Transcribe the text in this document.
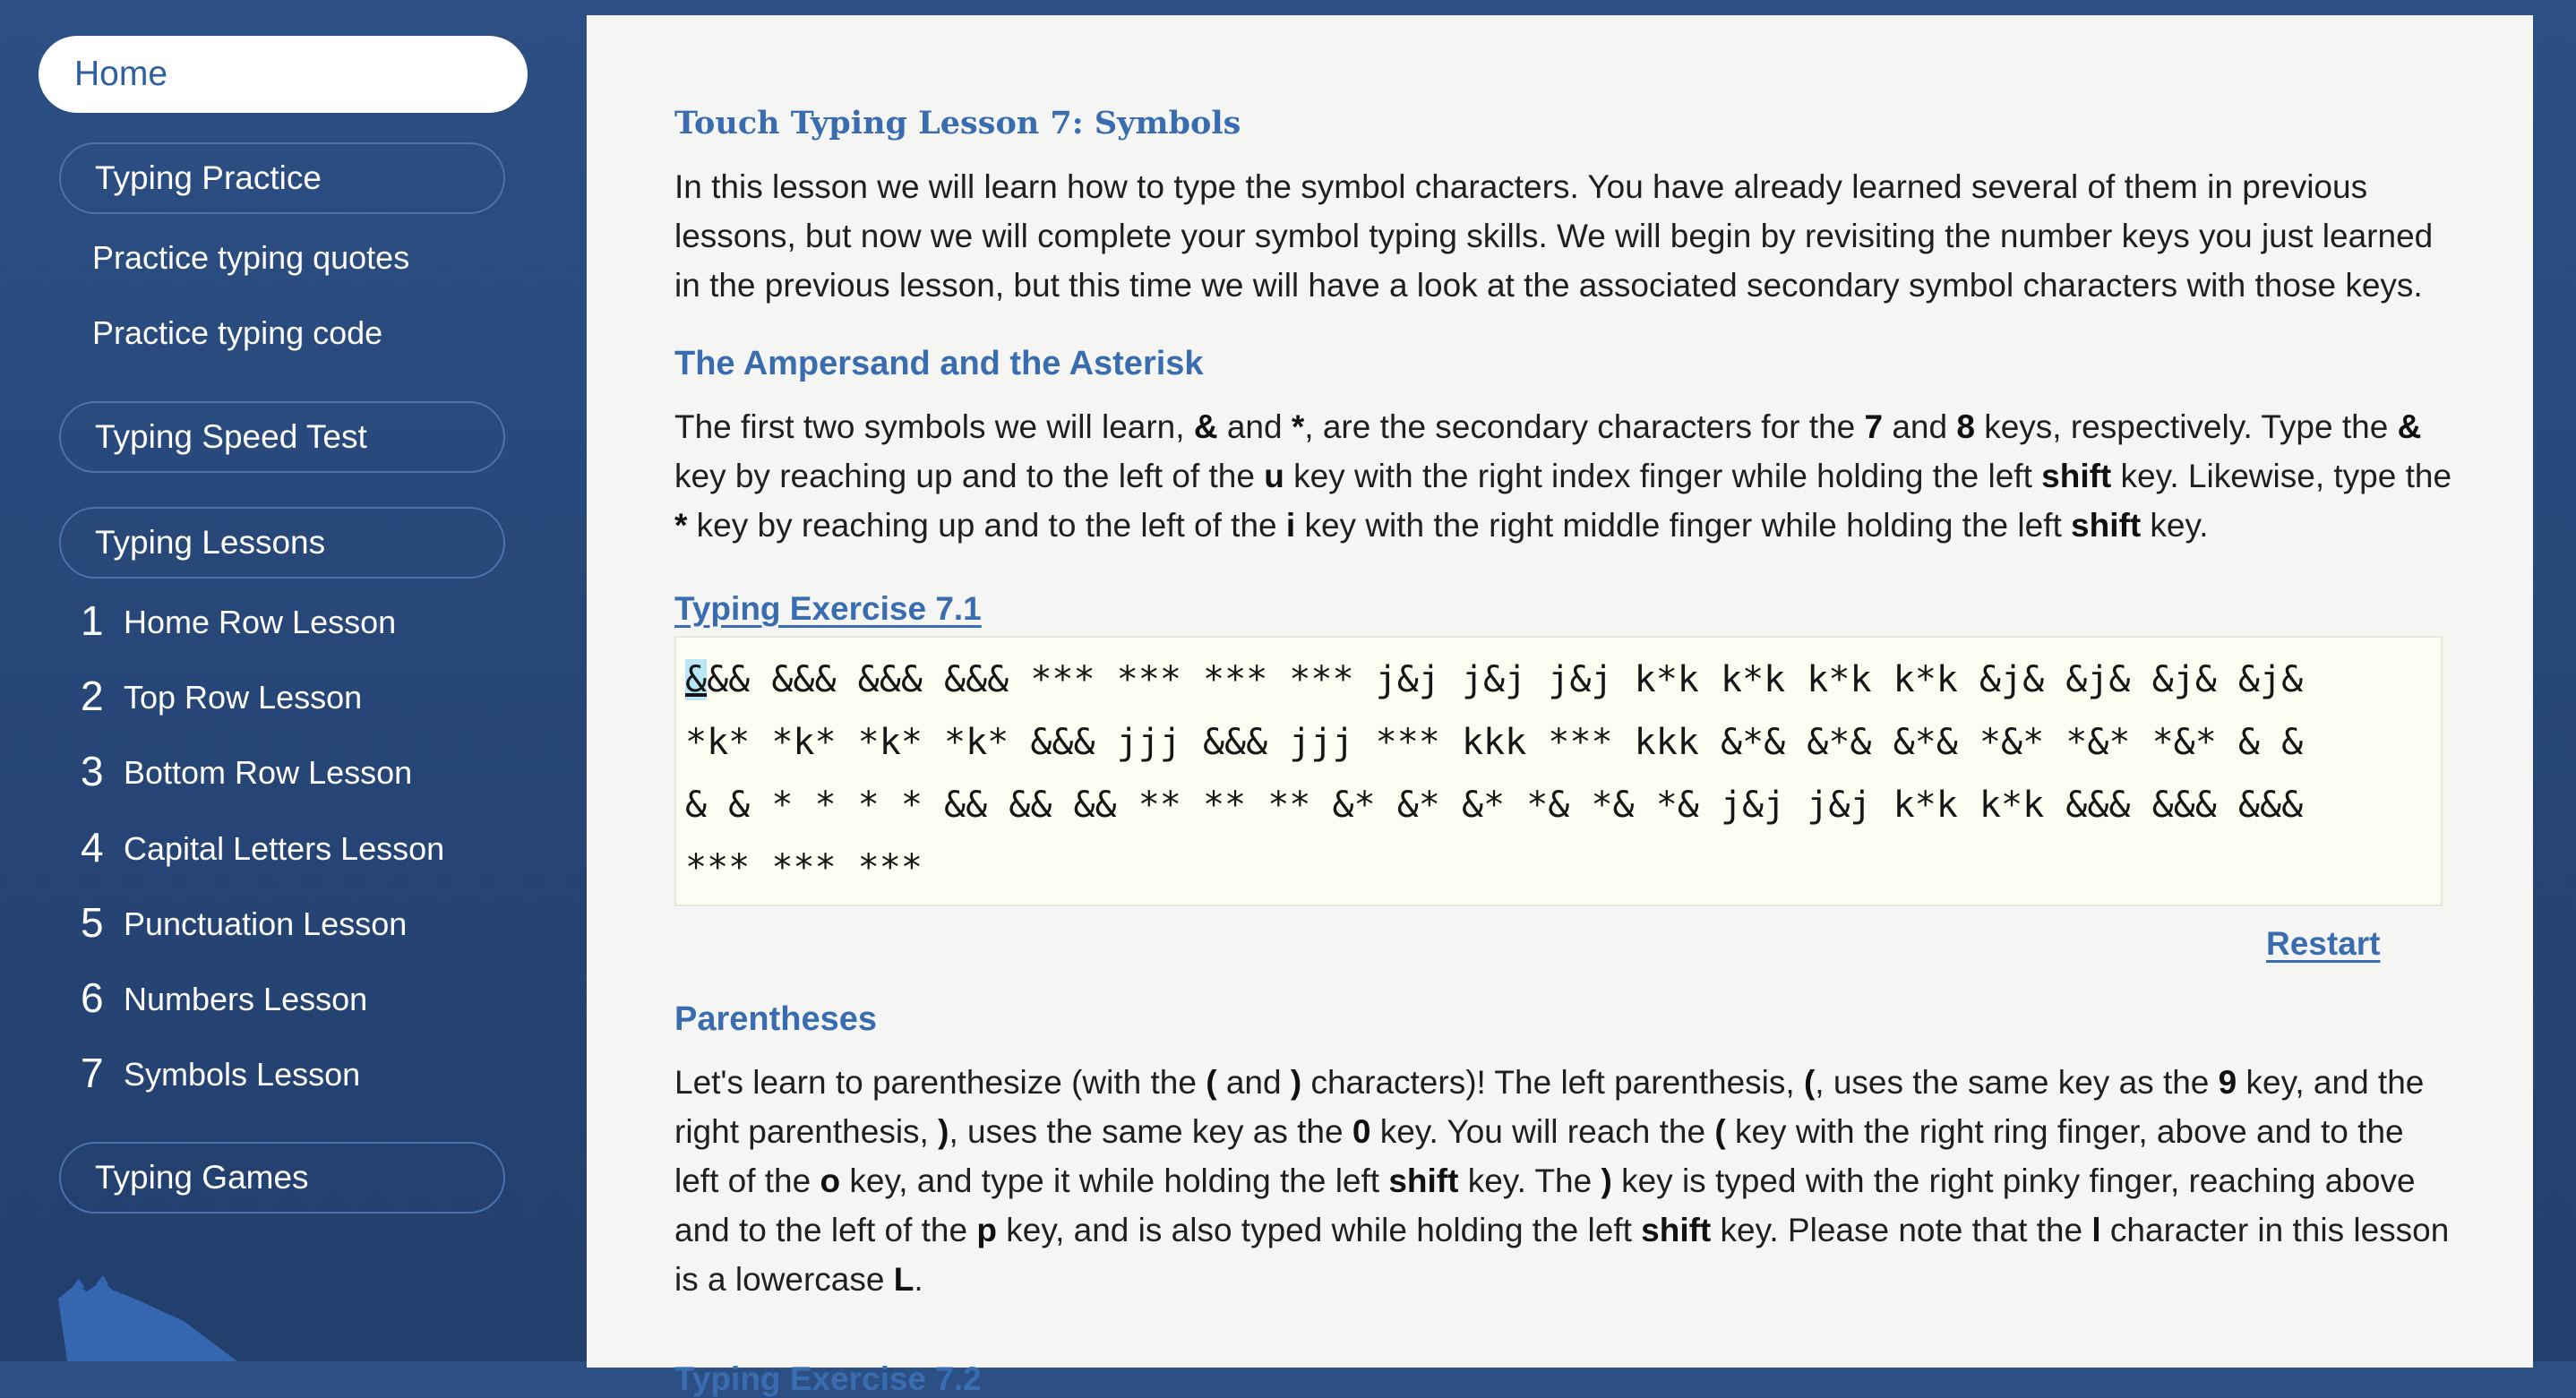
Home
Typing Practice
Practice typing quotes
Practice typing code
Typing Speed Test
Typing Lessons
1 Home Row Lesson
2 Top Row Lesson
3 Bottom Row Lesson
4 Capital Letters Lesson
5 Punctuation Lesson
6 Numbers Lesson
7 Symbols Lesson
Typing Games
Touch Typing Lesson 7: Symbols

In this lesson we will learn how to type the symbol characters. You have already learned several of them in previous lessons, but now we will complete your symbol typing skills. We will begin by revisiting the number keys you just learned in the previous lesson, but this time we will have a look at the associated secondary symbol characters with those keys.

The Ampersand and the Asterisk

The first two symbols we will learn, & and *, are the secondary characters for the 7 and 8 keys, respectively. Type the & key by reaching up and to the left of the u key with the right index finger while holding the left shift key. Likewise, type the * key by reaching up and to the left of the i key with the right middle finger while holding the left shift key.

Typing Exercise 7.1
&&& &&& &&& &&& *** *** *** *** j&j j&j j&j k*k k*k k*k k*k &j& &j& &j& &j&
*k* *k* *k* *k* &&& jjj &&& jjj *** kkk *** kkk &*& &*& &*& *&* *&* *&* & &
& & * * * * && && && ** ** ** &* &* &* *& *& *& j&j j&j k*k k*k &&& &&& &&&
*** *** ***
Restart
Parentheses

Let's learn to parenthesize (with the ( and ) characters)! The left parenthesis, (, uses the same key as the 9 key, and the right parenthesis, ), uses the same key as the 0 key. You will reach the ( key with the right ring finger, above and to the left of the o key, and type it while holding the left shift key. The ) key is typed with the right pinky finger, reaching above and to the left of the p key, and is also typed while holding the left shift key. Please note that the l character in this lesson is a lowercase L.

Typing Exercise 7.2
